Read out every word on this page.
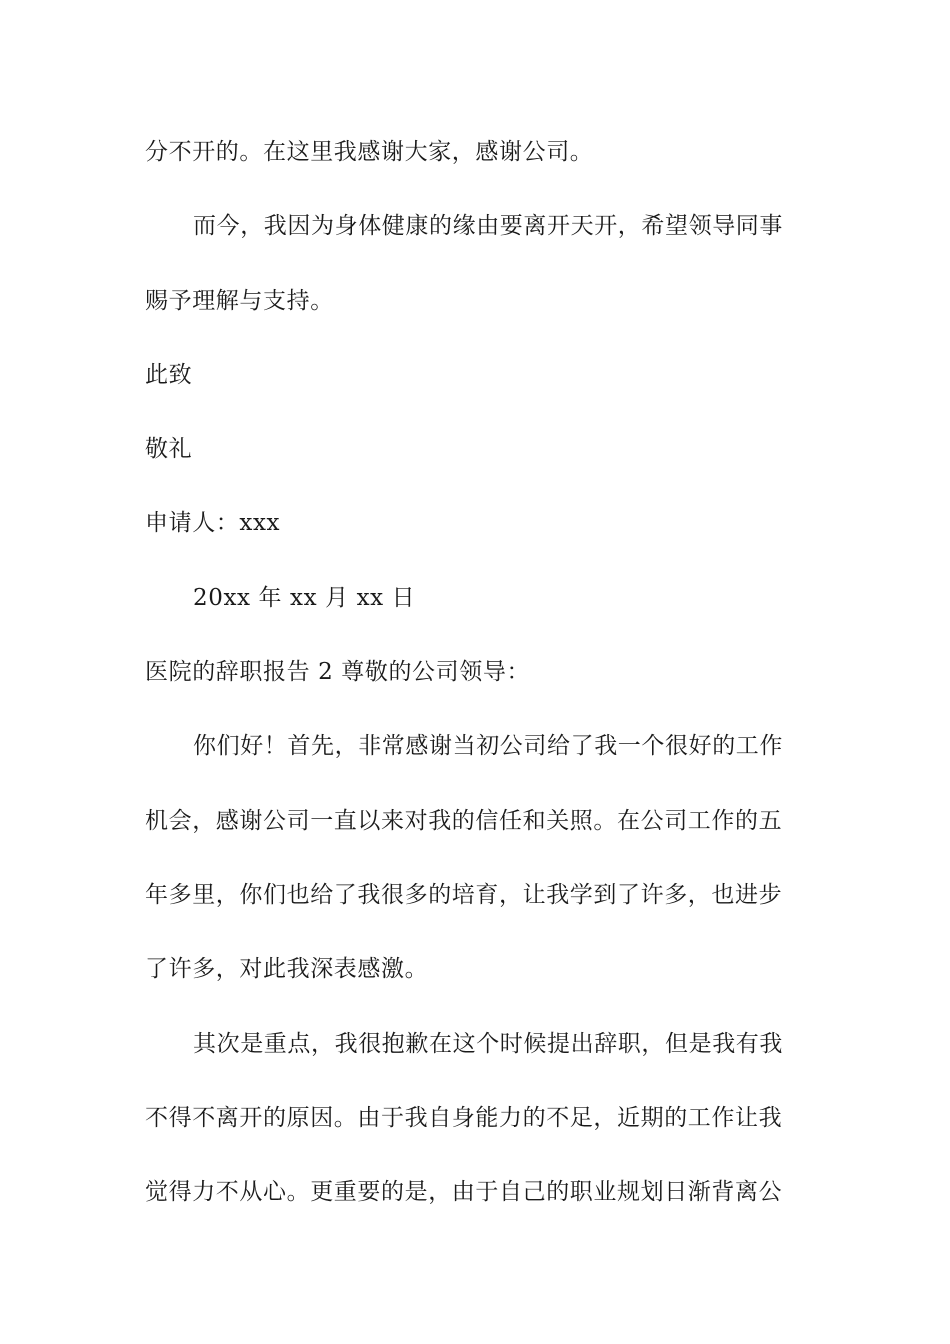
分不开的。在这里我感谢大家，感谢公司。
而今，我因为身体健康的缘由要离开天开，希望领导同事
赐予理解与支持。
此致
敬礼
申请人：xxx
20xx 年 xx 月 xx 日
医院的辞职报告 2 尊敬的公司领导：
你们好！首先，非常感谢当初公司给了我一个很好的工作
机会，感谢公司一直以来对我的信任和关照。在公司工作的五
年多里，你们也给了我很多的培育，让我学到了许多，也进步
了许多，对此我深表感激。
其次是重点，我很抱歉在这个时候提出辞职，但是我有我
不得不离开的原因。由于我自身能力的不足，近期的工作让我
觉得力不从心。更重要的是，由于自己的职业规划日渐背离公
